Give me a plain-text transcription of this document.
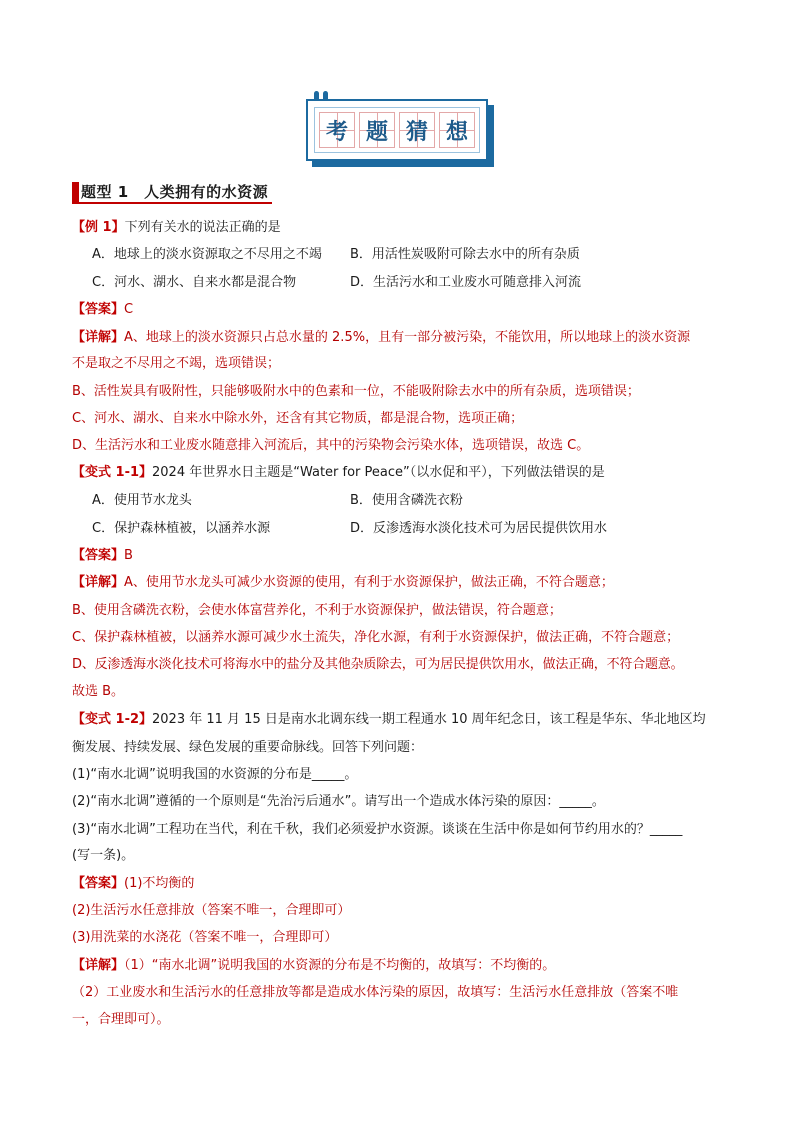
考 题 猜 想
题型 1　人类拥有的水资源
【例 1】下列有关水的说法正确的是
A．地球上的淡水资源取之不尽用之不竭 B．用活性炭吸附可除去水中的所有杂质
C．河水、湖水、自来水都是混合物	D．生活污水和工业废水可随意排入河流
【答案】C
【详解】A、地球上的淡水资源只占总水量的 2.5%，且有一部分被污染，不能饮用，所以地球上的淡水资源
不是取之不尽用之不竭，选项错误；
B、活性炭具有吸附性，只能够吸附水中的色素和一位，不能吸附除去水中的所有杂质，选项错误；
C、河水、湖水、自来水中除水外，还含有其它物质，都是混合物，选项正确；
D、生活污水和工业废水随意排入河流后，其中的污染物会污染水体，选项错误，故选 C。
【变式 1-1】2024 年世界水日主题是“Water for Peace”（以水促和平），下列做法错误的是
A．使用节水龙头	B．使用含磷洗衣粉
C．保护森林植被，以涵养水源	D．反渗透海水淡化技术可为居民提供饮用水
【答案】B
【详解】A、使用节水龙头可减少水资源的使用，有利于水资源保护，做法正确，不符合题意；
B、使用含磷洗衣粉，会使水体富营养化，不利于水资源保护，做法错误，符合题意；
C、保护森林植被，以涵养水源可减少水土流失，净化水源，有利于水资源保护，做法正确，不符合题意；
D、反渗透海水淡化技术可将海水中的盐分及其他杂质除去，可为居民提供饮用水，做法正确，不符合题意。
故选 B。
【变式 1-2】2023 年 11 月 15 日是南水北调东线一期工程通水 10 周年纪念日，该工程是华东、华北地区均
衡发展、持续发展、绿色发展的重要命脉线。回答下列问题：
(1)“南水北调”说明我国的水资源的分布是_____。
(2)“南水北调”遵循的一个原则是“先治污后通水”。请写出一个造成水体污染的原因：_____。
(3)“南水北调”工程功在当代，利在千秋，我们必须爱护水资源。谈谈在生活中你是如何节约用水的？_____
(写一条)。
【答案】(1)不均衡的
(2)生活污水任意排放（答案不唯一，合理即可）
(3)用洗菜的水浇花（答案不唯一，合理即可）
【详解】（1）“南水北调”说明我国的水资源的分布是不均衡的，故填写：不均衡的。
（2）工业废水和生活污水的任意排放等都是造成水体污染的原因，故填写：生活污水任意排放（答案不唯
一，合理即可）。
